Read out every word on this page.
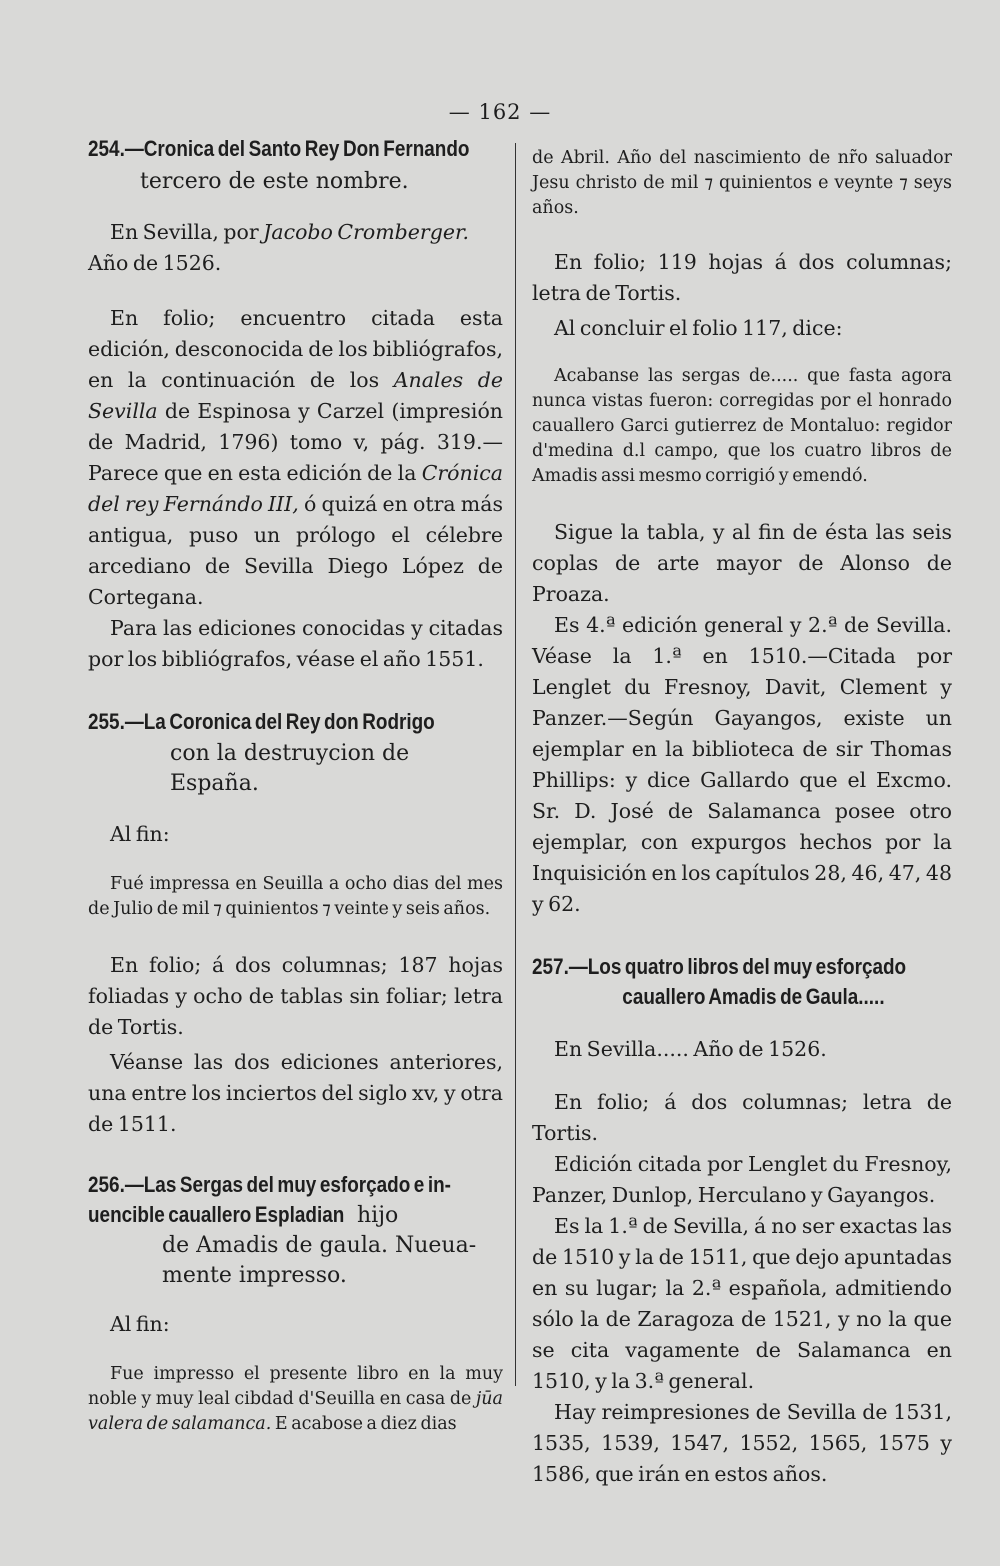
— 162 —
254.—Cronica del Santo Rey Don Fernando

tercero de este nombre.

En Sevilla, por Jacobo Cromberger. Año de 1526.

En folio; encuentro citada esta edición, desconocida de los bibliógrafos, en la continuación de los Anales de Sevilla de Espinosa y Carzel (impresión de Madrid, 1796) tomo v, pág. 319.—Parece que en esta edición de la Crónica del rey Fernándo III, ó quizá en otra más antigua, puso un prólogo el célebre arcediano de Sevilla Diego López de Cortegana.

Para las ediciones conocidas y citadas por los bibliógrafos, véase el año 1551.

255.—La Coronica del Rey don Rodrigo

con la destruycion de España.

Al fin:

Fué impressa en Seuilla a ocho dias del mes de Julio de mil ⁊ quinientos ⁊ veinte y seis años.

En folio; á dos columnas; 187 hojas foliadas y ocho de tablas sin foliar; letra de Tortis.

Véanse las dos ediciones anteriores, una entre los inciertos del siglo xv, y otra de 1511.

256.—Las Sergas del muy esforçado e in-
uencible cauallero Espladian hijo

de Amadis de gaula. Nueua-

mente impresso.

Al fin:

Fue impresso el presente libro en la muy noble y muy leal cibdad d'Seuilla en casa de jūa valera de salamanca. E acabose a diez dias

de Abril. Año del nascimiento de nr̃o saluador Jesu christo de mil ⁊ quinientos e veynte ⁊ seys años.

En folio; 119 hojas á dos columnas; letra de Tortis.

Al concluir el folio 117, dice:

Acabanse las sergas de..... que fasta agora nunca vistas fueron: corregidas por el honrado cauallero Garci gutierrez de Montaluo: regidor d'medina d.l campo, que los cuatro libros de Amadis assi mesmo corrigió y emendó.

Sigue la tabla, y al fin de ésta las seis coplas de arte mayor de Alonso de Proaza.

Es 4.ª edición general y 2.ª de Sevilla. Véase la 1.ª en 1510.—Citada por Lenglet du Fresnoy, Davit, Clement y Panzer.—Según Gayangos, existe un ejemplar en la biblioteca de sir Thomas Phillips: y dice Gallardo que el Excmo. Sr. D. José de Salamanca posee otro ejemplar, con expurgos hechos por la Inquisición en los capítulos 28, 46, 47, 48 y 62.

257.—Los quatro libros del muy esforçado
cauallero Amadis de Gaula.....

En Sevilla..... Año de 1526.

En folio; á dos columnas; letra de Tortis.

Edición citada por Lenglet du Fresnoy, Panzer, Dunlop, Herculano y Gayangos.

Es la 1.ª de Sevilla, á no ser exactas las de 1510 y la de 1511, que dejo apuntadas en su lugar; la 2.ª española, admitiendo sólo la de Zaragoza de 1521, y no la que se cita vagamente de Salamanca en 1510, y la 3.ª general.

Hay reimpresiones de Sevilla de 1531, 1535, 1539, 1547, 1552, 1565, 1575 y 1586, que irán en estos años.
